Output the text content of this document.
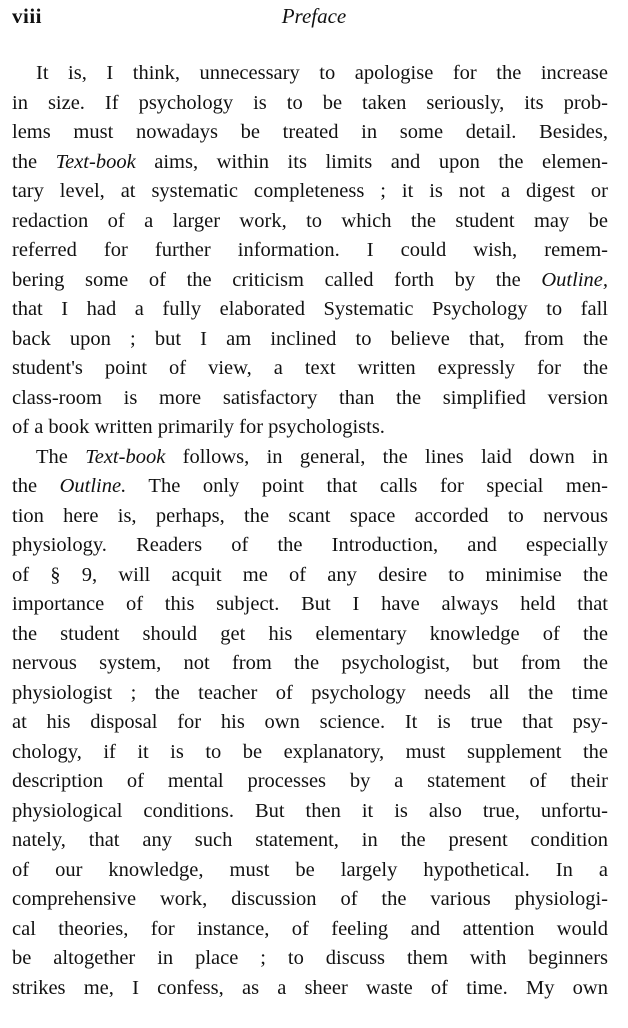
viii	Preface
It is, I think, unnecessary to apologise for the increase
in size. If psychology is to be taken seriously, its prob-
lems must nowadays be treated in some detail. Besides,
the Text-book aims, within its limits and upon the elemen-
tary level, at systematic completeness ; it is not a digest or
redaction of a larger work, to which the student may be
referred for further information. I could wish, remem-
bering some of the criticism called forth by the Outline,
that I had a fully elaborated Systematic Psychology to fall
back upon ; but I am inclined to believe that, from the
student's point of view, a text written expressly for the
class-room is more satisfactory than the simplified version
of a book written primarily for psychologists.
The Text-book follows, in general, the lines laid down in
the Outline. The only point that calls for special men-
tion here is, perhaps, the scant space accorded to nervous
physiology. Readers of the Introduction, and especially
of § 9, will acquit me of any desire to minimise the
importance of this subject. But I have always held that
the student should get his elementary knowledge of the
nervous system, not from the psychologist, but from the
physiologist ; the teacher of psychology needs all the time
at his disposal for his own science. It is true that psy-
chology, if it is to be explanatory, must supplement the
description of mental processes by a statement of their
physiological conditions. But then it is also true, unfortu-
nately, that any such statement, in the present condition
of our knowledge, must be largely hypothetical. In a
comprehensive work, discussion of the various physiologi-
cal theories, for instance, of feeling and attention would
be altogether in place ; to discuss them with beginners
strikes me, I confess, as a sheer waste of time. My own
